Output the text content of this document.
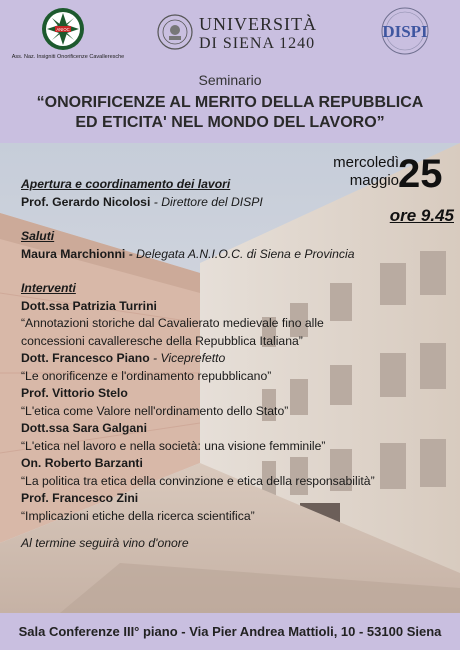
ANIOC
Ass. Naz. Insigniti Onorificenze Cavalleresche
UNIVERSITÀ
DI SIENA 1240
DISPI
Seminario
“ONORIFICENZE AL MERITO DELLA REPUBBLICA
ED ETICITA' NEL MONDO DEL LAVORO”
mercoledì
maggio 25
ore 9.45
Apertura e coordinamento dei lavori
Prof. Gerardo Nicolosi - Direttore del DISPI
Saluti
Maura Marchionni - Delegata A.N.I.O.C. di Siena e Provincia
Interventi
Dott.ssa Patrizia Turrini
“Annotazioni storiche dal Cavalierato medievale fino alle
concessioni cavalleresche della Repubblica Italiana”
Dott. Francesco Piano - Viceprefetto
“Le onorificenze e l'ordinamento repubblicano”
Prof. Vittorio Stelo
“L'etica come Valore nell'ordinamento dello Stato”
Dott.ssa Sara Galgani
“L'etica nel lavoro e nella società: una visione femminile”
On. Roberto Barzanti
“La politica tra etica della convinzione e etica della responsabilità”
Prof. Francesco Zini
“Implicazioni etiche della ricerca scientifica”
Al termine seguirà vino d'onore
Sala Conferenze III° piano - Via Pier Andrea Mattioli, 10 - 53100 Siena
